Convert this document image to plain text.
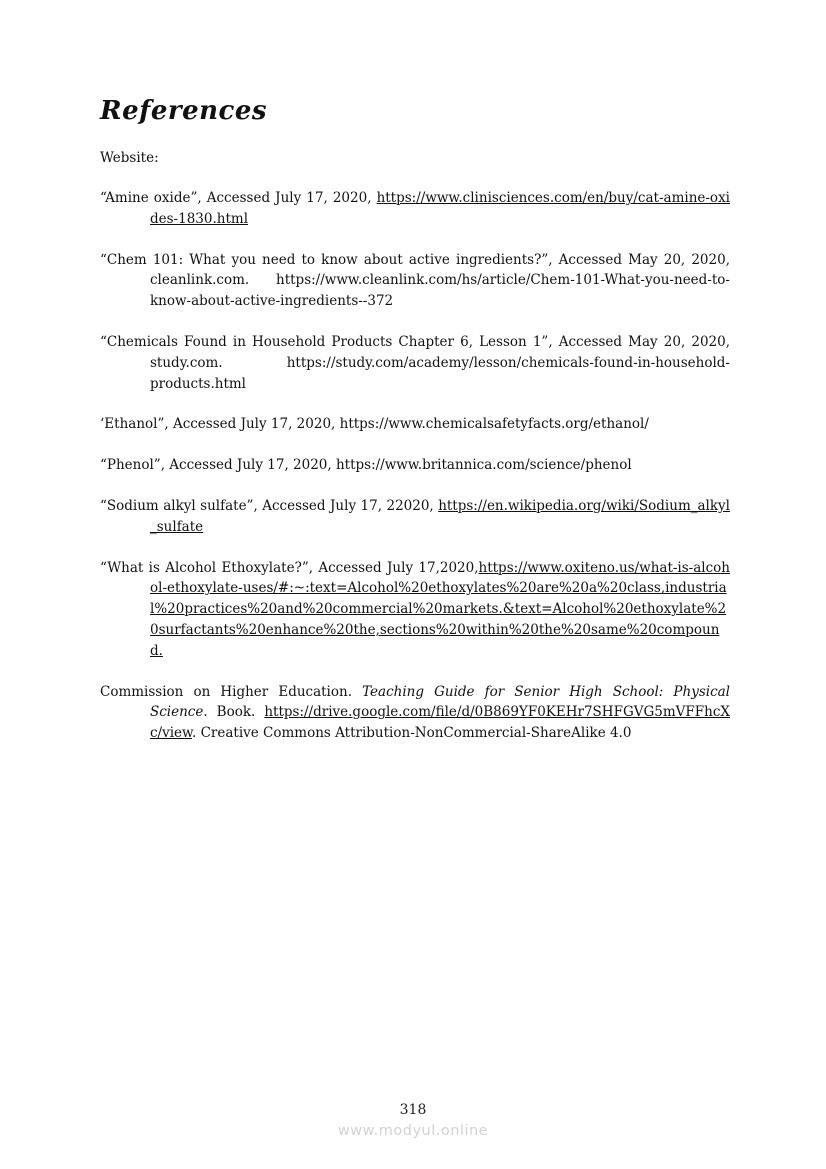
References

Website:

“Amine oxide”, Accessed July 17, 2020, https://www.clinisciences.com/en/buy/cat-amine-oxides-1830.html

“Chem 101: What you need to know about active ingredients?”, Accessed May 20, 2020, cleanlink.com. https://www.cleanlink.com/hs/article/Chem-101-What-you-need-to-know-about-active-ingredients--372

“Chemicals Found in Household Products Chapter 6, Lesson 1”, Accessed May 20, 2020, study.com. https://study.com/academy/lesson/chemicals-found-in-household-products.html

‘Ethanol”, Accessed July 17, 2020, https://www.chemicalsafetyfacts.org/ethanol/

“Phenol”, Accessed July 17, 2020, https://www.britannica.com/science/phenol

“Sodium alkyl sulfate”, Accessed July 17, 22020, https://en.wikipedia.org/wiki/Sodium_alkyl_sulfate

“What is Alcohol Ethoxylate?”, Accessed July 17,2020,https://www.oxiteno.us/what-is-alcohol-ethoxylate-uses/#:~:text=Alcohol%20ethoxylates%20are%20a%20class,industrial%20practices%20and%20commercial%20markets.&text=Alcohol%20ethoxylate%20surfactants%20enhance%20the,sections%20within%20the%20same%20compound.

Commission on Higher Education. Teaching Guide for Senior High School: Physical Science. Book. https://drive.google.com/file/d/0B869YF0KEHr7SHFGVG5mVFFhcXc/view. Creative Commons Attribution-NonCommercial-ShareAlike 4.0

318
www.modyul.online
